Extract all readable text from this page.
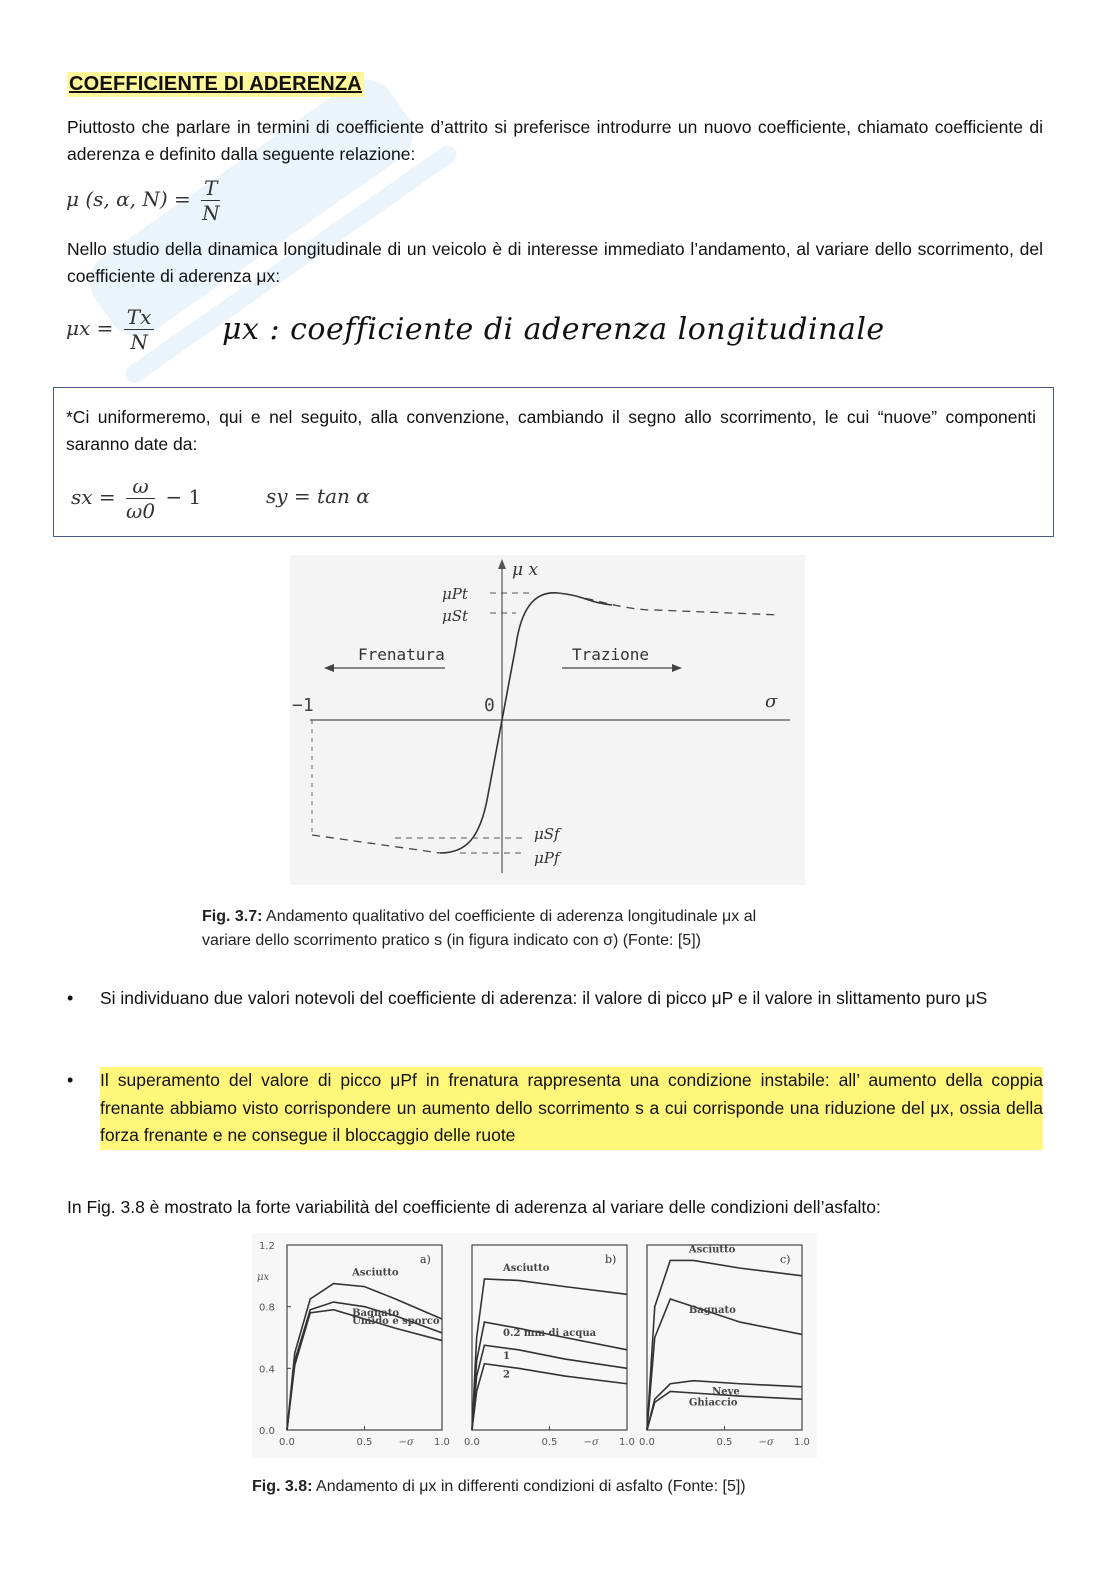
COEFFICIENTE DI ADERENZA
Piuttosto che parlare in termini di coefficiente d’attrito si preferisce introdurre un nuovo coefficiente, chiamato coefficiente di aderenza e definito dalla seguente relazione:
μ (s, α, $N) = \frac{T}{N}$
Nello studio della dinamica longitudinale di un veicolo è di interesse immediato l’andamento, al variare dello scorrimento, del coefficiente di aderenza μx:
$\mu x = \frac{Tx}{N}$ μx : coefficiente di aderenza longitudinale
*Ci uniformeremo, qui e nel seguito, alla convenzione, cambiando il segno allo scorrimento, le cui “nuove” componenti saranno date da:
sx = $\frac{\omega}{\omega 0} - 1$	sy = tan α
μ x
σ
μPt
μSt
μSf
μPf
−1	0
Frenatura	Trazione
Fig. 3.7: Andamento qualitativo del coefficiente di aderenza longitudinale μx al
variare dello scorrimento pratico s (in figura indicato con σ) (Fonte: [5])
• Si individuano due valori notevoli del coefficiente di aderenza: il valore di picco μP e il valore in slittamento puro μS
• Il superamento del valore di picco μPf in frenatura rappresenta una condizione instabile: all’ aumento della coppia frenante abbiamo visto corrispondere un aumento dello scorrimento s a cui corrisponde una riduzione del μx, ossia della forza frenante e ne consegue il bloccaggio delle ruote
In Fig. 3.8 è mostrato la forte variabilità del coefficiente di aderenza al variare delle condizioni dell’asfalto:
a)
0.0	0.5	1.0
−σ
0.0
0.4
0.8
1.2
μx	Asciutto
Bagnato
Umido e sporco
b)
0.0	0.5	1.0
−σ
Asciutto
0.2 mm di acqua
1
2
c)
0.0	0.5	1.0
−σ
Asciutto
Bagnato
Neve
Ghiaccio
Fig. 3.8: Andamento di μx in differenti condizioni di asfalto (Fonte: [5])
